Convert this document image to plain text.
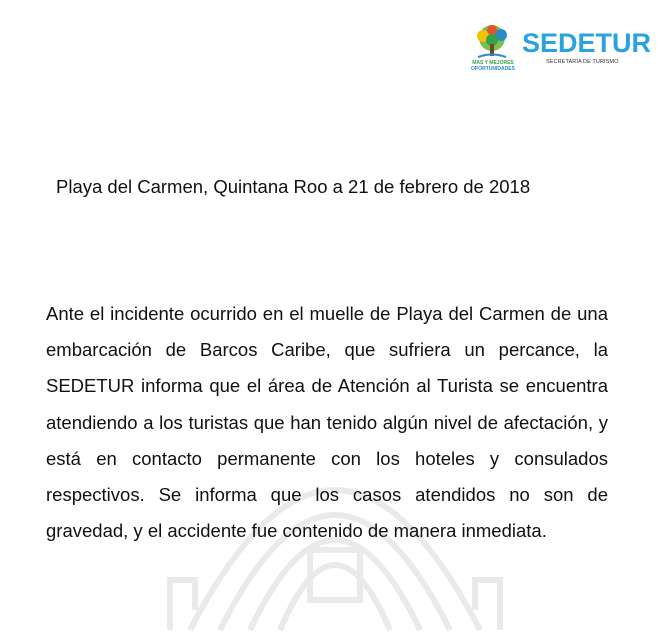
MAS Y MEJORES
OPORTUNIDADES
SEDETUR
SECRETARÍA DE TURISMO
Playa del Carmen, Quintana Roo a 21 de febrero de 2018

Ante el incidente ocurrido en el muelle de Playa del Carmen de una embarcación de Barcos Caribe, que sufriera un percance, la SEDETUR informa que el área de Atención al Turista se encuentra atendiendo a los turistas que han tenido algún nivel de afectación, y está en contacto permanente con los hoteles y consulados respectivos. Se informa que los casos atendidos no son de gravedad, y el accidente fue contenido de manera inmediata.
